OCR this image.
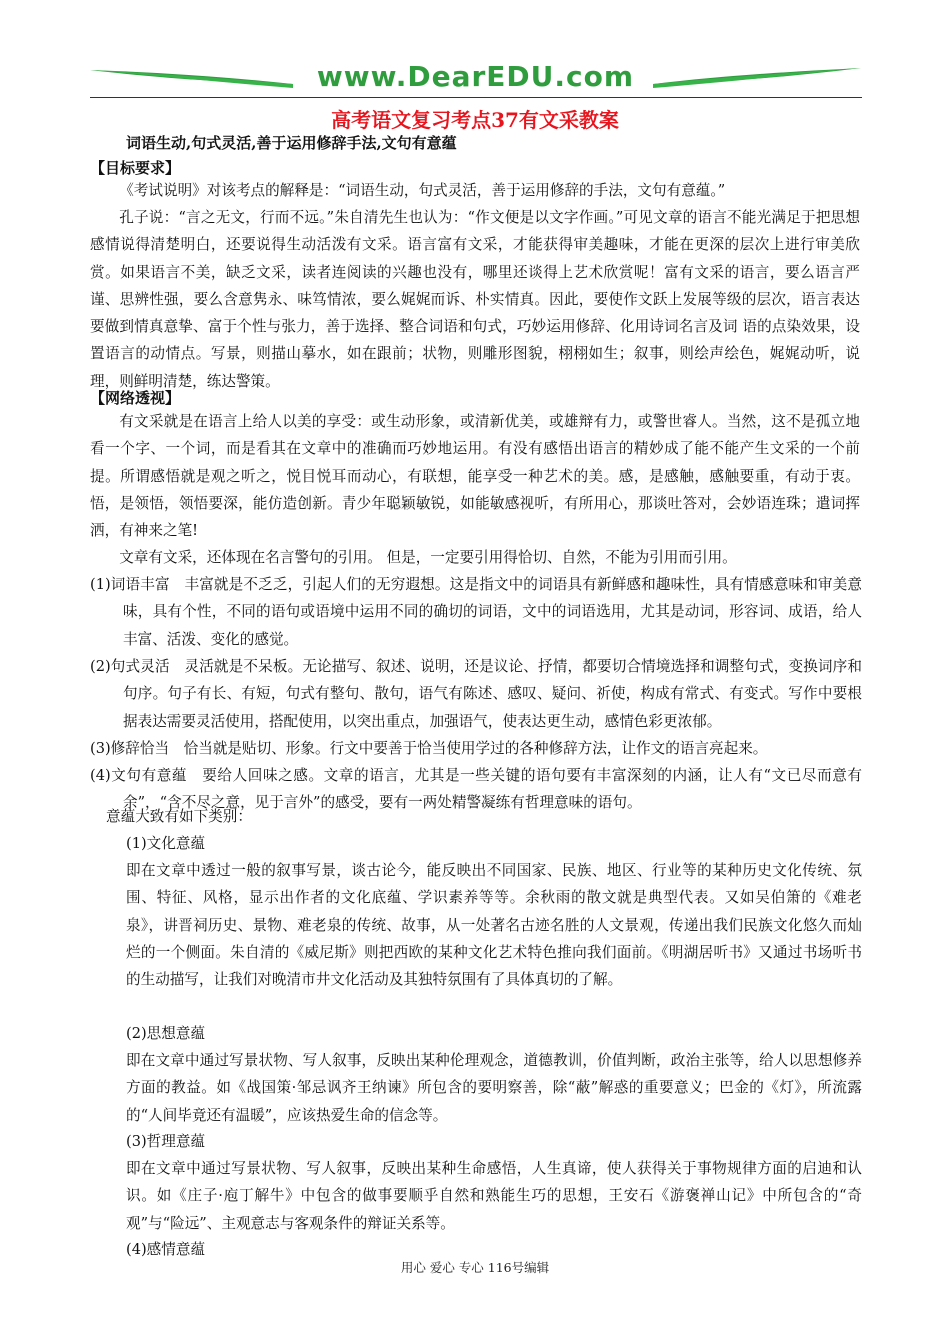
www.DearEDU.com
高考语文复习考点37有文采教案
词语生动,句式灵活,善于运用修辞手法,文句有意蕴
【目标要求】

《考试说明》对该考点的解释是：“词语生动，句式灵活，善于运用修辞的手法，文句有意蕴。”

孔子说：“言之无文，行而不远。”朱自清先生也认为：“作文便是以文字作画。”可见文章的语言不能光满足于把思想感情说得清楚明白，还要说得生动活泼有文采。语言富有文采，才能获得审美趣味，才能在更深的层次上进行审美欣赏。如果语言不美，缺乏文采，读者连阅读的兴趣也没有，哪里还谈得上艺术欣赏呢！富有文采的语言，要么语言严谨、思辨性强，要么含意隽永、味笃情浓，要么娓娓而诉、朴实情真。因此，要使作文跃上发展等级的层次，语言表达要做到情真意挚、富于个性与张力，善于选择、整合词语和句式，巧妙运用修辞、化用诗词名言及词 语的点染效果，设置语言的动情点。写景，则描山摹水，如在跟前；状物，则雕形图貌，栩栩如生；叙事，则绘声绘色，娓娓动听，说理，则鲜明清楚，练达警策。

【网络透视】

有文采就是在语言上给人以美的享受：或生动形象，或清新优美，或雄辩有力，或警世睿人。当然，这不是孤立地看一个字、一个词，而是看其在文章中的准确而巧妙地运用。有没有感悟出语言的精妙成了能不能产生文采的一个前提。所谓感悟就是观之听之，悦目悦耳而动心，有联想，能享受一种艺术的美。感，是感触，感触要重，有动于衷。悟，是领悟，领悟要深，能仿造创新。青少年聪颖敏锐，如能敏感视听，有所用心，那谈吐答对，会妙语连珠；遣词挥洒，有神来之笔!

文章有文采，还体现在名言警句的引用。 但是，一定要引用得恰切、自然，不能为引用而引用。

(1)词语丰富　丰富就是不乏乏，引起人们的无穷遐想。这是指文中的词语具有新鲜感和趣味性，具有情感意味和审美意味，具有个性，不同的语句或语境中运用不同的确切的词语，文中的词语选用，尤其是动词，形容词、成语，给人丰富、活泼、变化的感觉。

(2)句式灵活　灵活就是不呆板。无论描写、叙述、说明，还是议论、抒情，都要切合情境选择和调整句式，变换词序和句序。句子有长、有短，句式有整句、散句，语气有陈述、感叹、疑问、祈使，构成有常式、有变式。写作中要根据表达需要灵活使用，搭配使用，以突出重点，加强语气，使表达更生动，感情色彩更浓郁。

(3)修辞恰当　恰当就是贴切、形象。行文中要善于恰当使用学过的各种修辞方法，让作文的语言亮起来。

(4)文句有意蕴　要给人回味之感。文章的语言，尤其是一些关键的语句要有丰富深刻的内涵，让人有“文已尽而意有余”，“含不尽之意，见于言外”的感受，要有一两处精警凝练有哲理意味的语句。

意蕴大致有如下类别：

(1)文化意蕴

即在文章中透过一般的叙事写景，谈古论今，能反映出不同国家、民族、地区、行业等的某种历史文化传统、氛围、特征、风格，显示出作者的文化底蕴、学识素养等等。余秋雨的散文就是典型代表。又如吴伯箫的《难老泉》，讲晋祠历史、景物、难老泉的传统、故事，从一处著名古迹名胜的人文景观，传递出我们民族文化悠久而灿烂的一个侧面。朱自清的《威尼斯》则把西欧的某种文化艺术特色推向我们面前。《明湖居听书》又通过书场听书的生动描写，让我们对晚清市井文化活动及其独特氛围有了具体真切的了解。

(2)思想意蕴

即在文章中通过写景状物、写人叙事，反映出某种伦理观念，道德教训，价值判断，政治主张等，给人以思想修养方面的教益。如《战国策·邹忌讽齐王纳谏》所包含的要明察善，除“蔽”解惑的重要意义；巴金的《灯》，所流露的“人间毕竟还有温暖”，应该热爱生命的信念等。

(3)哲理意蕴

即在文章中通过写景状物、写人叙事，反映出某种生命感悟，人生真谛，使人获得关于事物规律方面的启迪和认识。如《庄子·庖丁解牛》中包含的做事要顺乎自然和熟能生巧的思想，王安石《游褒禅山记》中所包含的“奇观”与“险远”、主观意志与客观条件的辩证关系等。

(4)感情意蕴

用心 爱心 专心 116号编辑
